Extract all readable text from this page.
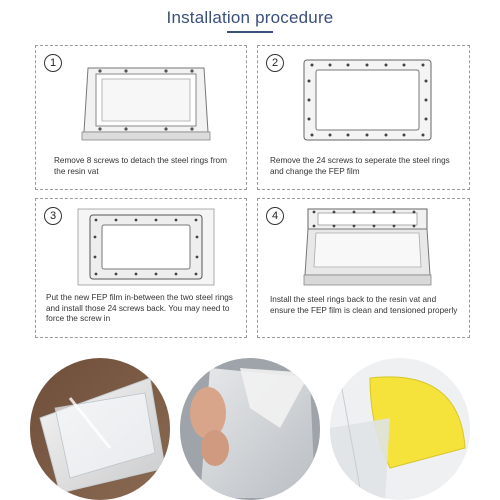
Installation procedure
1
Remove 8 screws to detach the steel rings from the resin vat
2
Remove the 24 screws to seperate the steel rings and change the FEP film
3
Put the new FEP film in-between the two steel rings and install those 24 screws back. You may need to force the screw in
4
Install the steel rings back to the resin vat and ensure the FEP film is clean and tensioned properly
